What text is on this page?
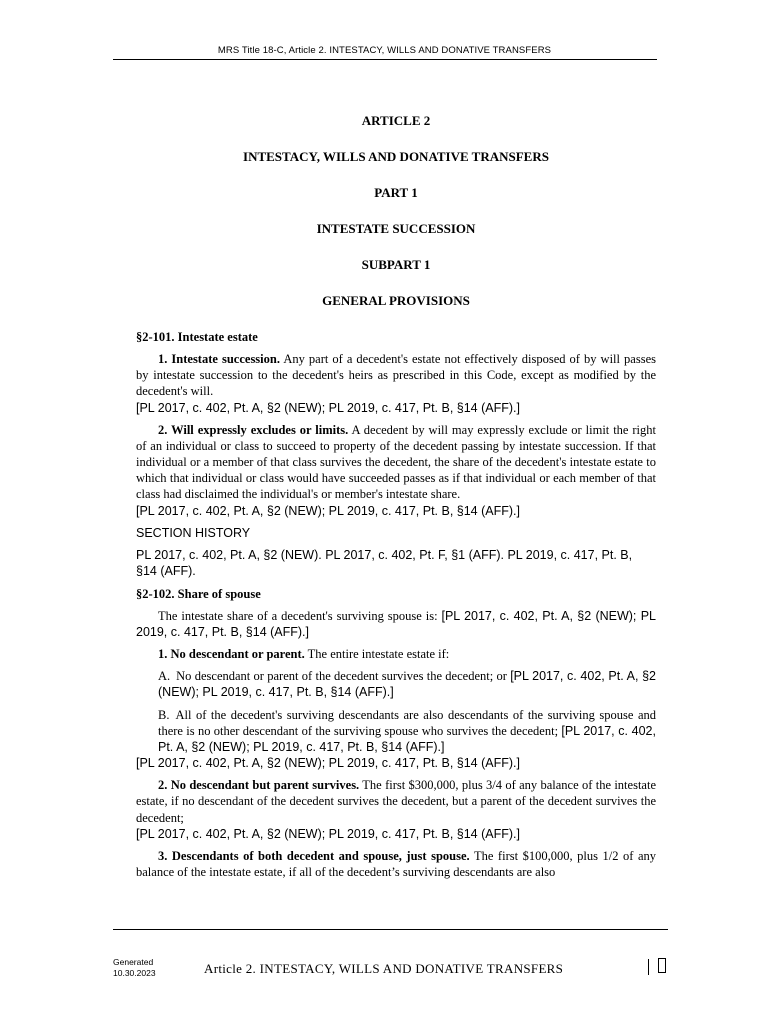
MRS Title 18-C, Article 2. INTESTACY, WILLS AND DONATIVE TRANSFERS

ARTICLE 2

INTESTACY, WILLS AND DONATIVE TRANSFERS

PART 1

INTESTATE SUCCESSION

SUBPART 1

GENERAL PROVISIONS

§2-101. Intestate estate
1. Intestate succession. Any part of a decedent's estate not effectively disposed of by will passes by intestate succession to the decedent's heirs as prescribed in this Code, except as modified by the decedent's will.
[PL 2017, c. 402, Pt. A, §2 (NEW); PL 2019, c. 417, Pt. B, §14 (AFF).]
2. Will expressly excludes or limits. A decedent by will may expressly exclude or limit the right of an individual or class to succeed to property of the decedent passing by intestate succession. If that individual or a member of that class survives the decedent, the share of the decedent's intestate estate to which that individual or class would have succeeded passes as if that individual or each member of that class had disclaimed the individual's or member's intestate share.
[PL 2017, c. 402, Pt. A, §2 (NEW); PL 2019, c. 417, Pt. B, §14 (AFF).]
SECTION HISTORY
PL 2017, c. 402, Pt. A, §2 (NEW). PL 2017, c. 402, Pt. F, §1 (AFF). PL 2019, c. 417, Pt. B, §14 (AFF).
§2-102. Share of spouse
The intestate share of a decedent's surviving spouse is: [PL 2017, c. 402, Pt. A, §2 (NEW); PL 2019, c. 417, Pt. B, §14 (AFF).]
1. No descendant or parent. The entire intestate estate if:
A. No descendant or parent of the decedent survives the decedent; or [PL 2017, c. 402, Pt. A, §2 (NEW); PL 2019, c. 417, Pt. B, §14 (AFF).]
B. All of the decedent's surviving descendants are also descendants of the surviving spouse and there is no other descendant of the surviving spouse who survives the decedent; [PL 2017, c. 402, Pt. A, §2 (NEW); PL 2019, c. 417, Pt. B, §14 (AFF).]
[PL 2017, c. 402, Pt. A, §2 (NEW); PL 2019, c. 417, Pt. B, §14 (AFF).]
2. No descendant but parent survives. The first $300,000, plus 3/4 of any balance of the intestate estate, if no descendant of the decedent survives the decedent, but a parent of the decedent survives the decedent;
[PL 2017, c. 402, Pt. A, §2 (NEW); PL 2019, c. 417, Pt. B, §14 (AFF).]
3. Descendants of both decedent and spouse, just spouse. The first $100,000, plus 1/2 of any balance of the intestate estate, if all of the decedent’s surviving descendants are also
Generated
10.30.2023	Article 2. INTESTACY, WILLS AND DONATIVE TRANSFERS
